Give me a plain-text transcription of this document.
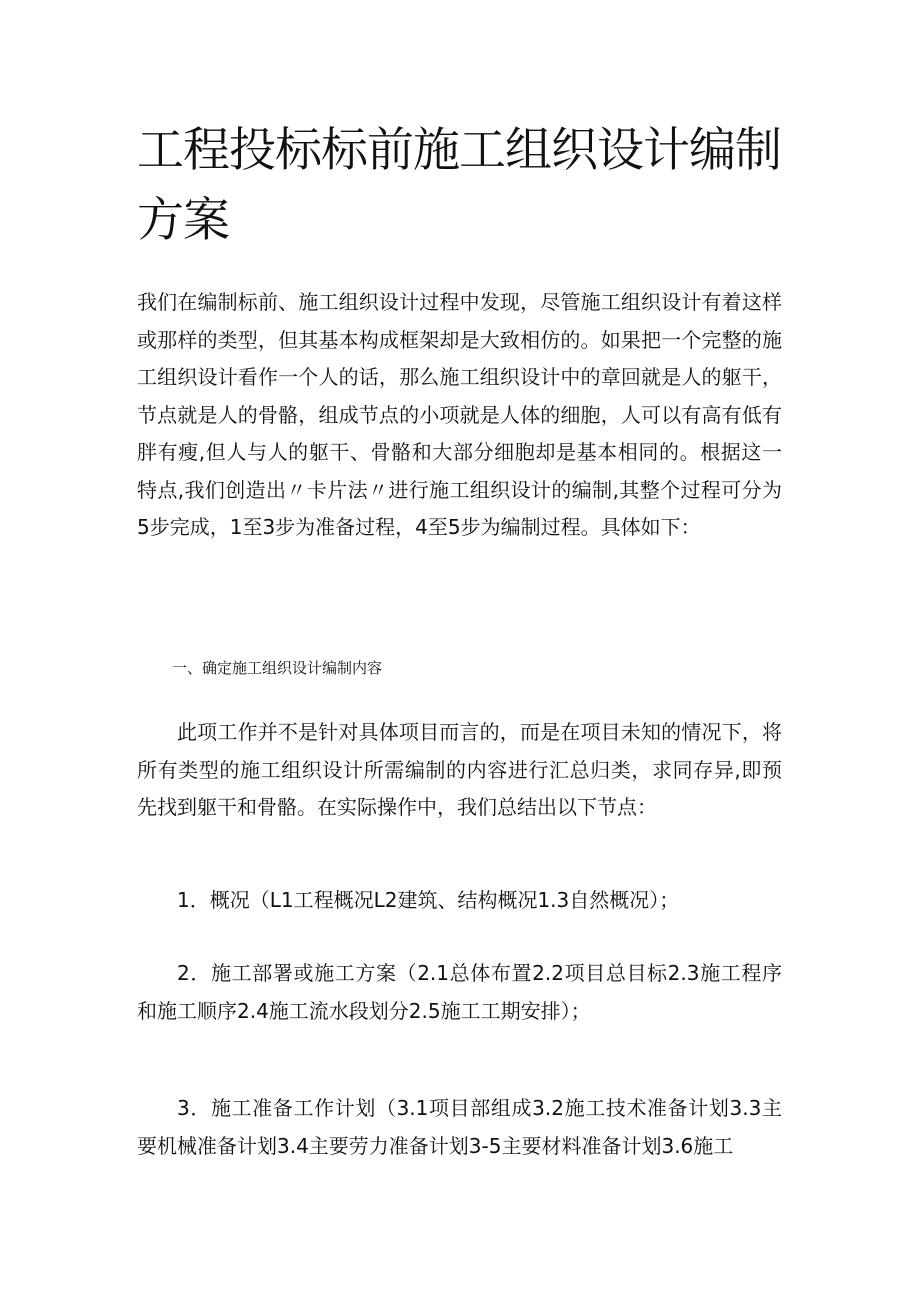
工程投标标前施工组织设计编制方案

我们在编制标前、施工组织设计过程中发现，尽管施工组织设计有着这样或那样的类型，但其基本构成框架却是大致相仿的。如果把一个完整的施工组织设计看作一个人的话，那么施工组织设计中的章回就是人的躯干，节点就是人的骨骼，组成节点的小项就是人体的细胞，人可以有高有低有胖有瘦,但人与人的躯干、骨骼和大部分细胞却是基本相同的。根据这一特点,我们创造出〃卡片法〃进行施工组织设计的编制,其整个过程可分为5步完成，1至3步为准备过程，4至5步为编制过程。具体如下：

一、确定施工组织设计编制内容

此项工作并不是针对具体项目而言的，而是在项目未知的情况下，将所有类型的施工组织设计所需编制的内容进行汇总归类，求同存异,即预先找到躯干和骨骼。在实际操作中，我们总结出以下节点：

1．概况（L1工程概况L2建筑、结构概况1.3自然概况）；

2．施工部署或施工方案（2.1总体布置2.2项目总目标2.3施工程序和施工顺序2.4施工流水段划分2.5施工工期安排）；

3．施工准备工作计划（3.1项目部组成3.2施工技术准备计划3.3主要机械准备计划3.4主要劳力准备计划3-5主要材料准备计划3.6施工
